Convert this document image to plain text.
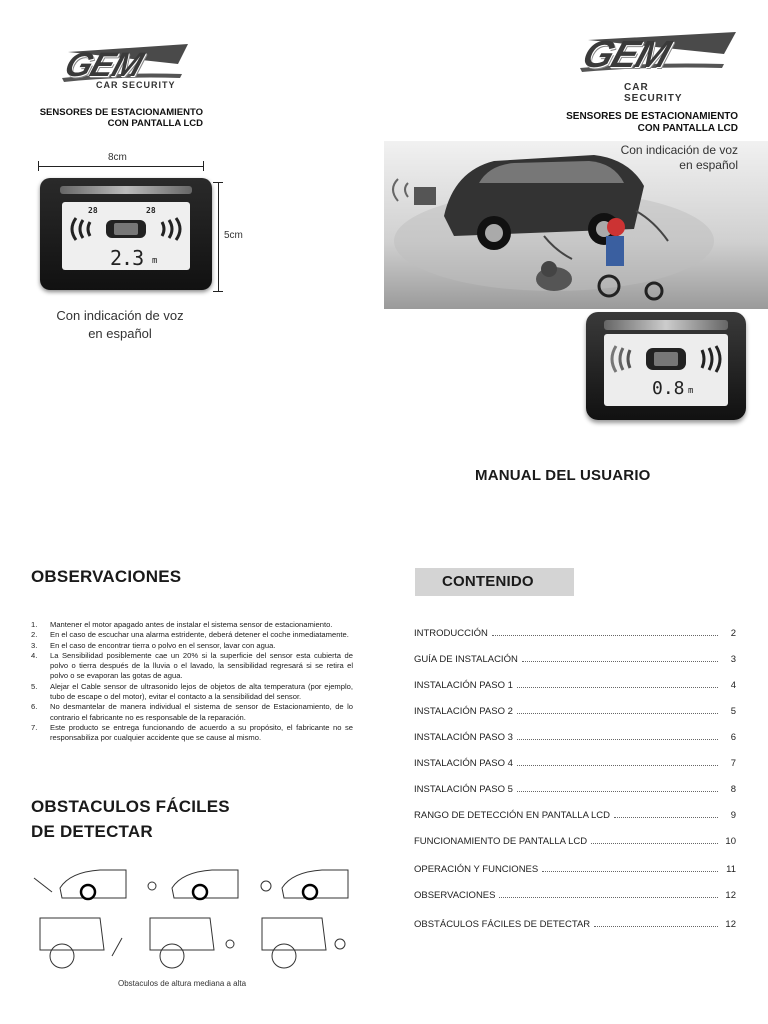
GEM
CAR SECURITY
SENSORES DE ESTACIONAMIENTO
CON PANTALLA LCD
8cm
5cm
28	28
2.3 m
Con indicación de voz
en español
GEM
CAR SECURITY
SENSORES DE ESTACIONAMIENTO
CON PANTALLA LCD
Con indicación de voz
en español
0.8 m
MANUAL DEL USUARIO
OBSERVACIONES
1.	Mantener el motor apagado antes de instalar el sistema sensor de estacionamiento.
2.	En el caso de escuchar una alarma estridente, deberá detener el coche inmediatamente.
3.	En el caso de encontrar tierra o polvo en el sensor, lavar con agua.
4.	La Sensibilidad posiblemente cae un 20% si la superficie del sensor esta cubierta de polvo o tierra después de la lluvia o el lavado, la sensibilidad regresará si se retira el polvo o se evaporan las gotas de agua.
5.	Alejar el Cable sensor de ultrasonido lejos de objetos de alta temperatura (por ejemplo, tubo de escape o del motor), evitar el contacto a la sensibilidad del sensor.
6.	No desmantelar de manera individual el sistema de sensor de Estacionamiento, de lo contrario el fabricante no es responsable de la reparación.
7.	Este producto se entrega funcionando de acuerdo a su propósito, el fabricante no se responsabiliza por cualquier accidente que se cause al mismo.
OBSTACULOS FÁCILES
DE DETECTAR
Obstaculos de altura mediana a alta
CONTENIDO
INTRODUCCIÓN	2
GUÍA DE INSTALACIÓN	3
INSTALACIÓN PASO 1	4
INSTALACIÓN PASO 2	5
INSTALACIÓN PASO 3	6
INSTALACIÓN PASO 4	7
INSTALACIÓN PASO 5	8
RANGO DE DETECCIÓN EN PANTALLA LCD	9
FUNCIONAMIENTO DE PANTALLA LCD	10
OPERACIÓN Y FUNCIONES	11
OBSERVACIONES	12
OBSTÁCULOS FÁCILES DE DETECTAR	12
